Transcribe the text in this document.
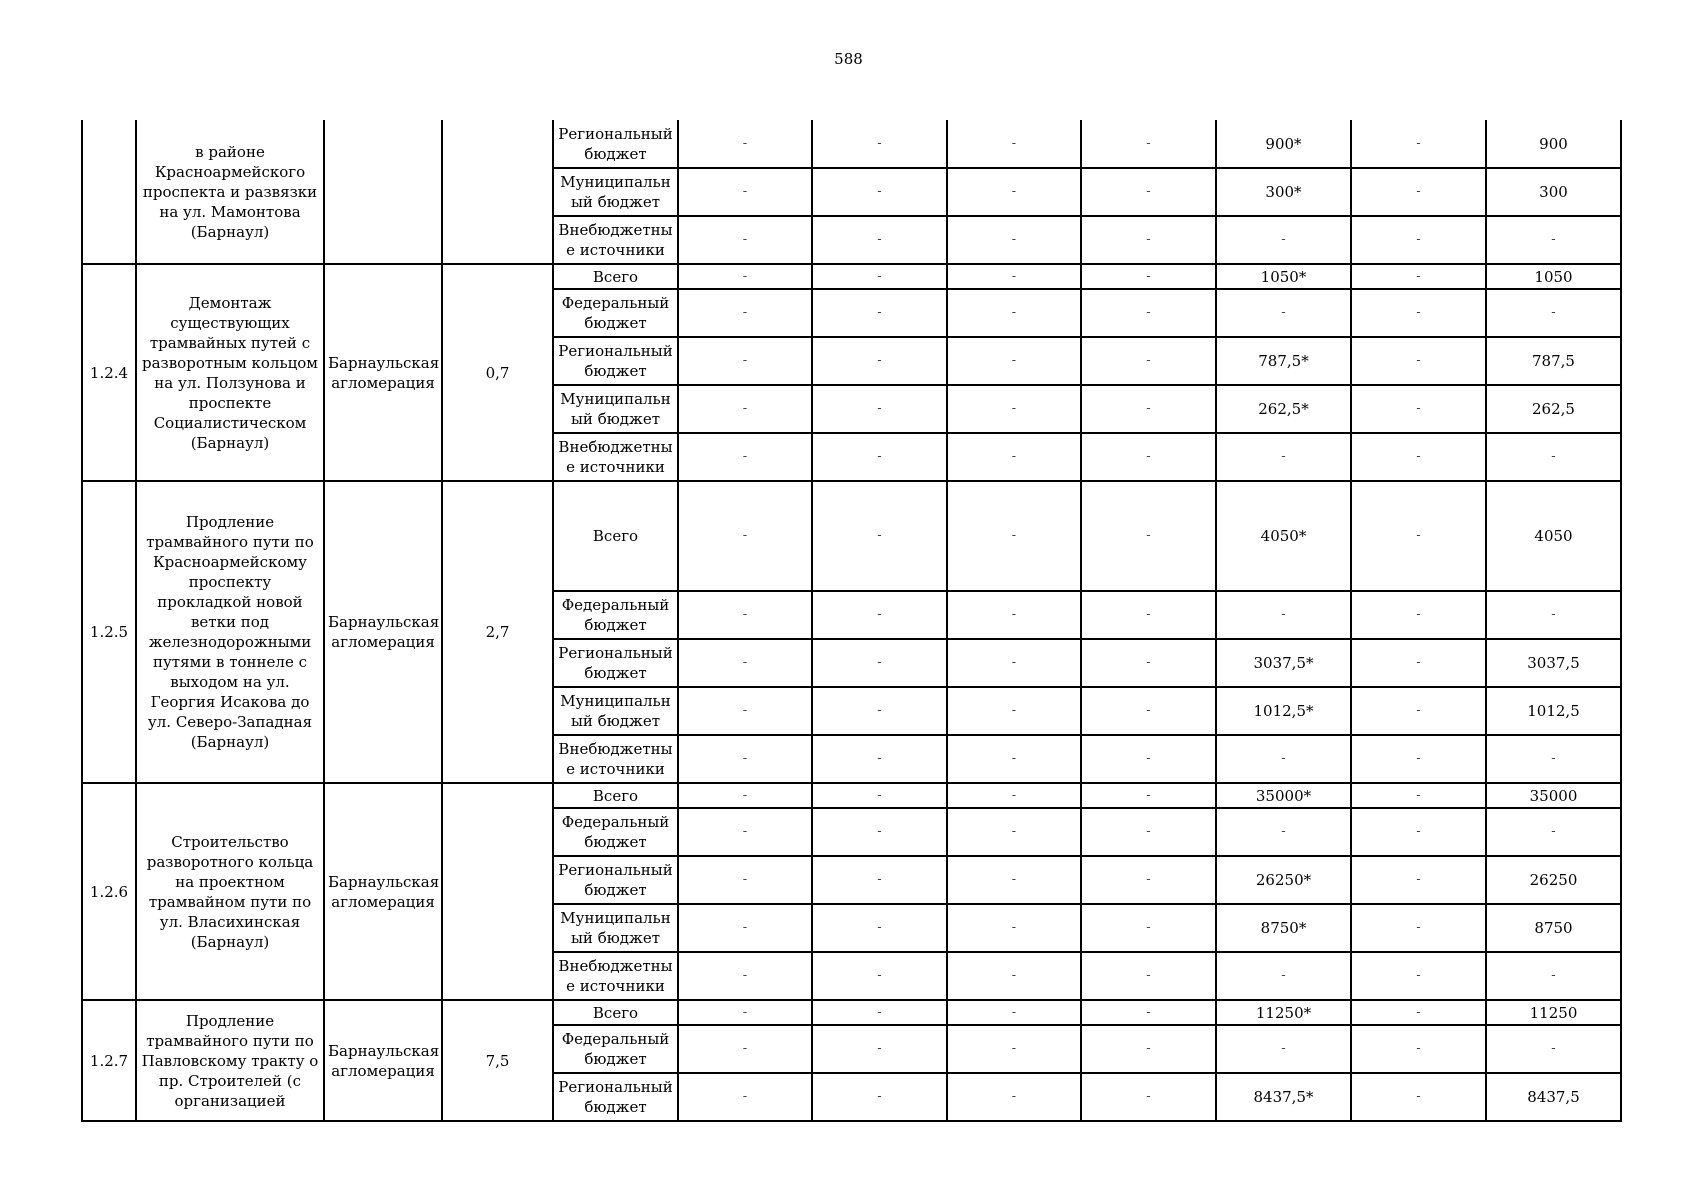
588
	в районе Красноармейского проспекта и развязки на ул. Мамонтова (Барнаул)			Региональный бюджет	-	-	-	-	900*	-	900
				Муниципальн ый бюджет	-	-	-	-	300*	-	300
				Внебюджетны е источники	-	-	-	-	-	-	-
1.2.4	Демонтаж существующих трамвайных путей с разворотным кольцом на ул. Ползунова и проспекте Социалистическом (Барнаул)	Барнаульская агломерация	0,7	Всего	-	-	-	-	1050*	-	1050
				Федеральный бюджет	-	-	-	-	-	-	-
				Региональный бюджет	-	-	-	-	787,5*	-	787,5
				Муниципальн ый бюджет	-	-	-	-	262,5*	-	262,5
				Внебюджетны е источники	-	-	-	-	-	-	-
1.2.5	Продление трамвайного пути по Красноармейскому проспекту прокладкой новой ветки под железнодорожными путями в тоннеле с выходом на ул. Георгия Исакова до ул. Северо-Западная (Барнаул)	Барнаульская агломерация	2,7	Всего	-	-	-	-	4050*	-	4050
				Федеральный бюджет	-	-	-	-	-	-	-
				Региональный бюджет	-	-	-	-	3037,5*	-	3037,5
				Муниципальн ый бюджет	-	-	-	-	1012,5*	-	1012,5
				Внебюджетны е источники	-	-	-	-	-	-	-
1.2.6	Строительство разворотного кольца на проектном трамвайном пути по ул. Власихинская (Барнаул)	Барнаульская агломерация		Всего	-	-	-	-	35000*	-	35000
				Федеральный бюджет	-	-	-	-	-	-	-
				Региональный бюджет	-	-	-	-	26250*	-	26250
				Муниципальн ый бюджет	-	-	-	-	8750*	-	8750
				Внебюджетны е источники	-	-	-	-	-	-	-
1.2.7	Продление трамвайного пути по Павловскому тракту о пр. Строителей (с организацией	Барнаульская агломерация	7,5	Всего	-	-	-	-	11250*	-	11250
				Федеральный бюджет	-	-	-	-	-	-	-
				Региональный бюджет	-	-	-	-	8437,5*	-	8437,5
